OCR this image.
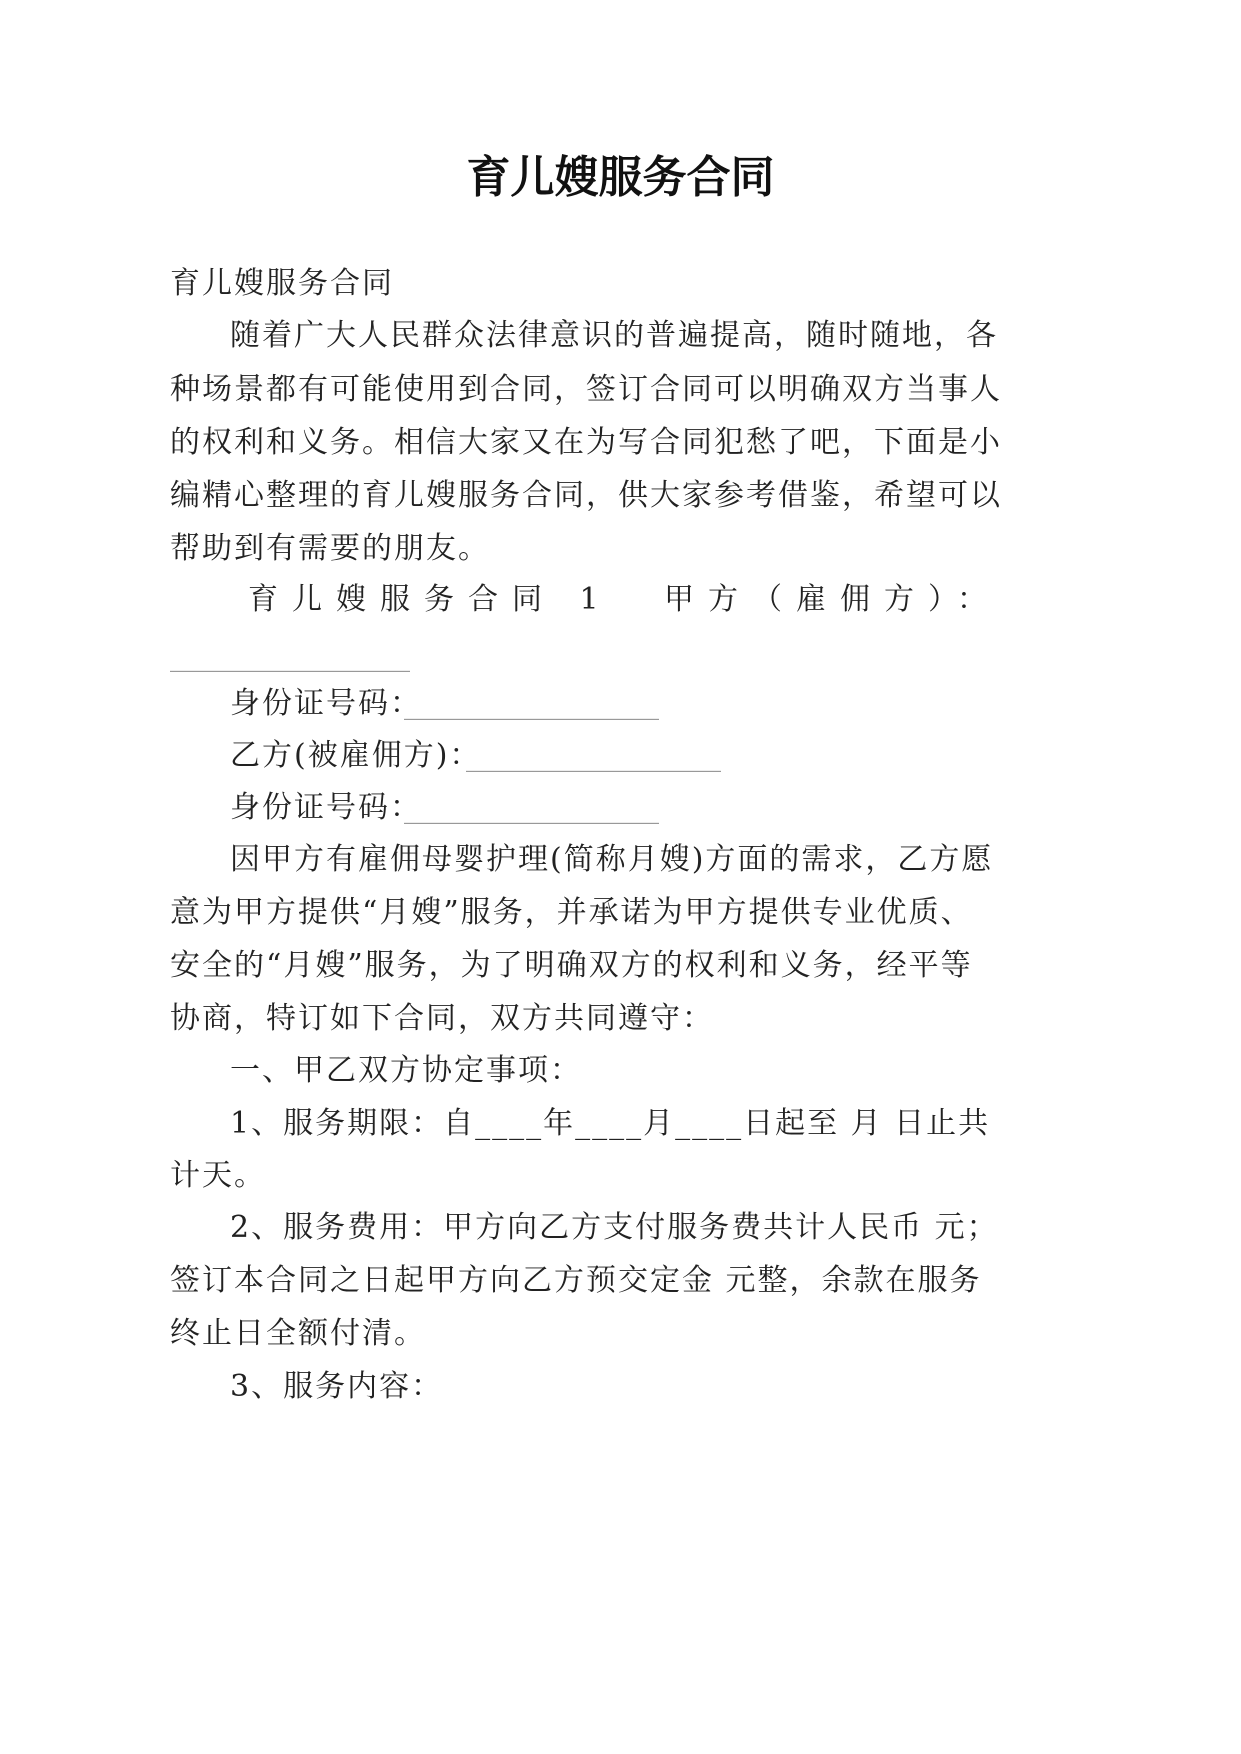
育儿嫂服务合同
育儿嫂服务合同
随着广大人民群众法律意识的普遍提高，随时随地，各
种场景都有可能使用到合同，签订合同可以明确双方当事人
的权利和义务。相信大家又在为写合同犯愁了吧，下面是小
编精心整理的育儿嫂服务合同，供大家参考借鉴，希望可以
帮助到有需要的朋友。
育儿嫂服务合同 1 甲方（雇佣方）：
________________
身份证号码：
_________________
乙方(被雇佣方)：
_________________
身份证号码：
_________________
因甲方有雇佣母婴护理(简称月嫂)方面的需求，乙方愿
意为甲方提供“月嫂”服务，并承诺为甲方提供专业优质、
安全的“月嫂”服务，为了明确双方的权利和义务，经平等
协商，特订如下合同，双方共同遵守：
一、甲乙双方协定事项：
1、服务期限：自____年____月____日起至 月 日止共
计天。
2、服务费用：甲方向乙方支付服务费共计人民币 元；
签订本合同之日起甲方向乙方预交定金 元整，余款在服务
终止日全额付清。
3、服务内容：
